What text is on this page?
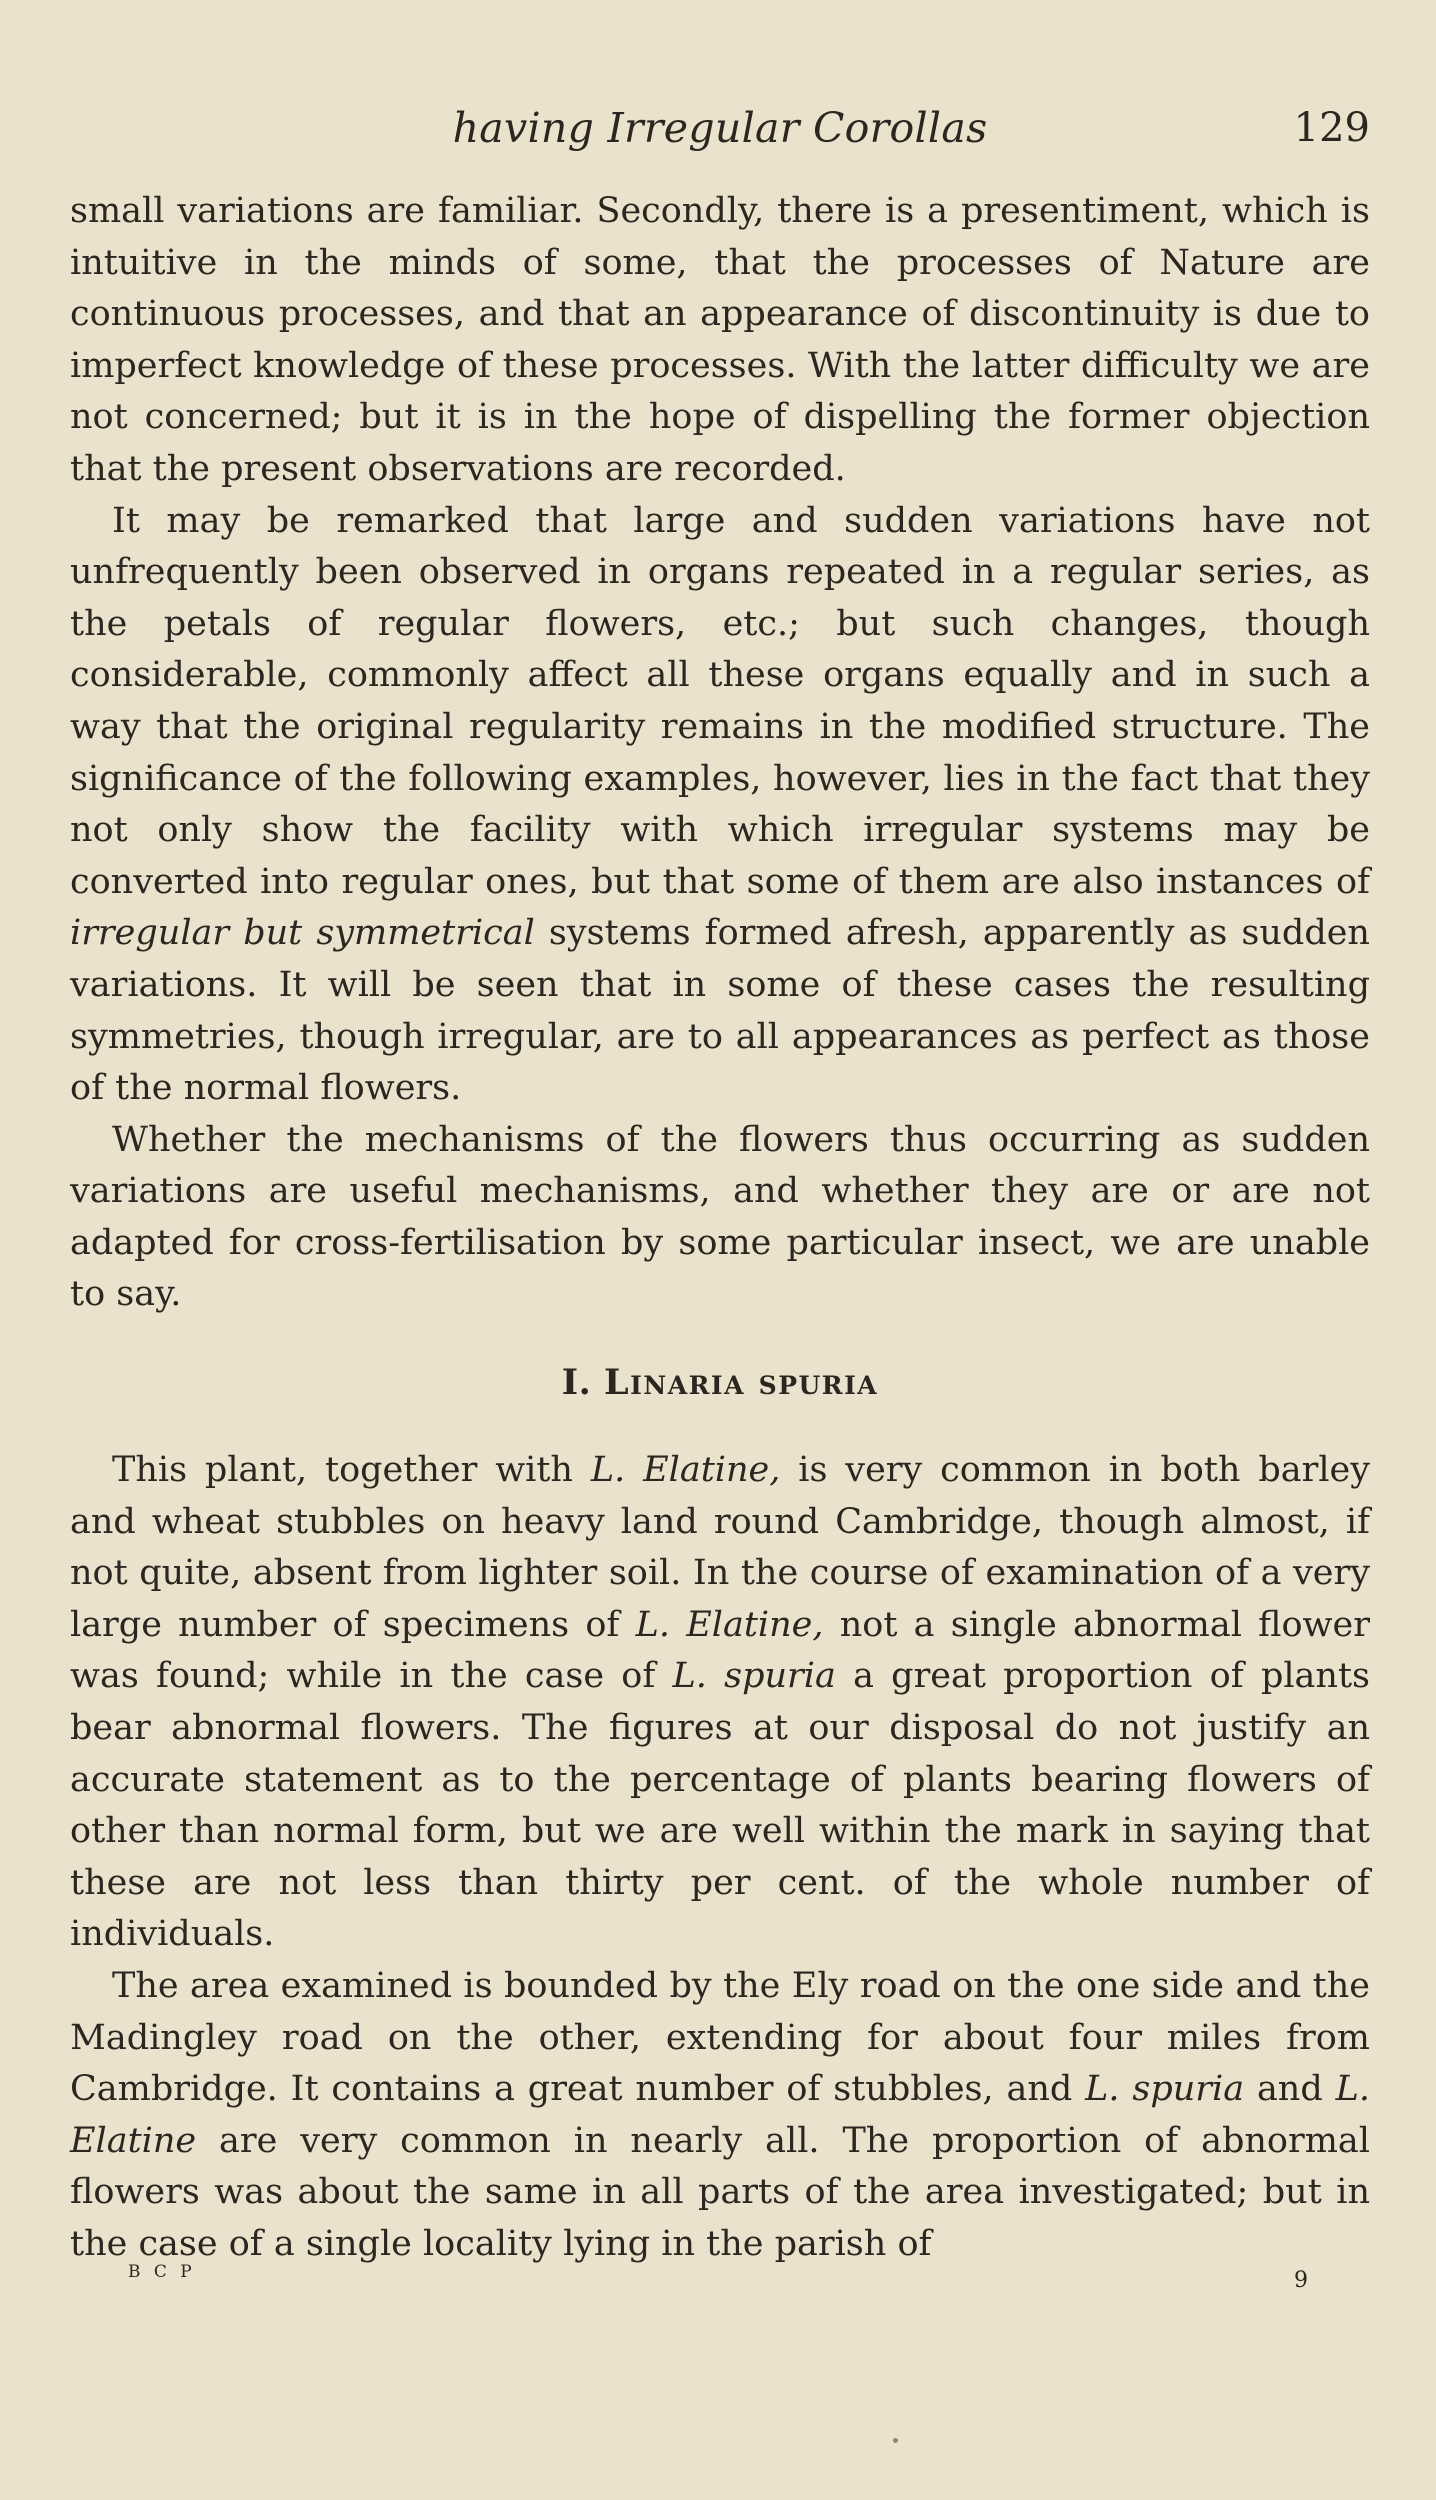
having Irregular Corollas	129

small variations are familiar. Secondly, there is a presentiment, which is intuitive in the minds of some, that the processes of Nature are continuous processes, and that an appearance of discontinuity is due to imperfect knowledge of these processes. With the latter difficulty we are not concerned; but it is in the hope of dispelling the former objection that the present observations are recorded.

It may be remarked that large and sudden variations have not unfrequently been observed in organs repeated in a regular series, as the petals of regular flowers, etc.; but such changes, though considerable, commonly affect all these organs equally and in such a way that the original regularity remains in the modified structure. The significance of the following examples, however, lies in the fact that they not only show the facility with which irregular systems may be converted into regular ones, but that some of them are also instances of irregular but symmetrical systems formed afresh, apparently as sudden variations. It will be seen that in some of these cases the resulting symmetries, though irregular, are to all appearances as perfect as those of the normal flowers.

Whether the mechanisms of the flowers thus occurring as sudden variations are useful mechanisms, and whether they are or are not adapted for cross-fertilisation by some particular insect, we are unable to say.

I. Linaria spuria

This plant, together with L. Elatine, is very common in both barley and wheat stubbles on heavy land round Cambridge, though almost, if not quite, absent from lighter soil. In the course of examination of a very large number of specimens of L. Elatine, not a single abnormal flower was found; while in the case of L. spuria a great proportion of plants bear abnormal flowers. The figures at our disposal do not justify an accurate statement as to the percentage of plants bearing flowers of other than normal form, but we are well within the mark in saying that these are not less than thirty per cent. of the whole number of individuals.

The area examined is bounded by the Ely road on the one side and the Madingley road on the other, extending for about four miles from Cambridge. It contains a great number of stubbles, and L. spuria and L. Elatine are very common in nearly all. The proportion of abnormal flowers was about the same in all parts of the area investigated; but in the case of a single locality lying in the parish of

B C P	9
